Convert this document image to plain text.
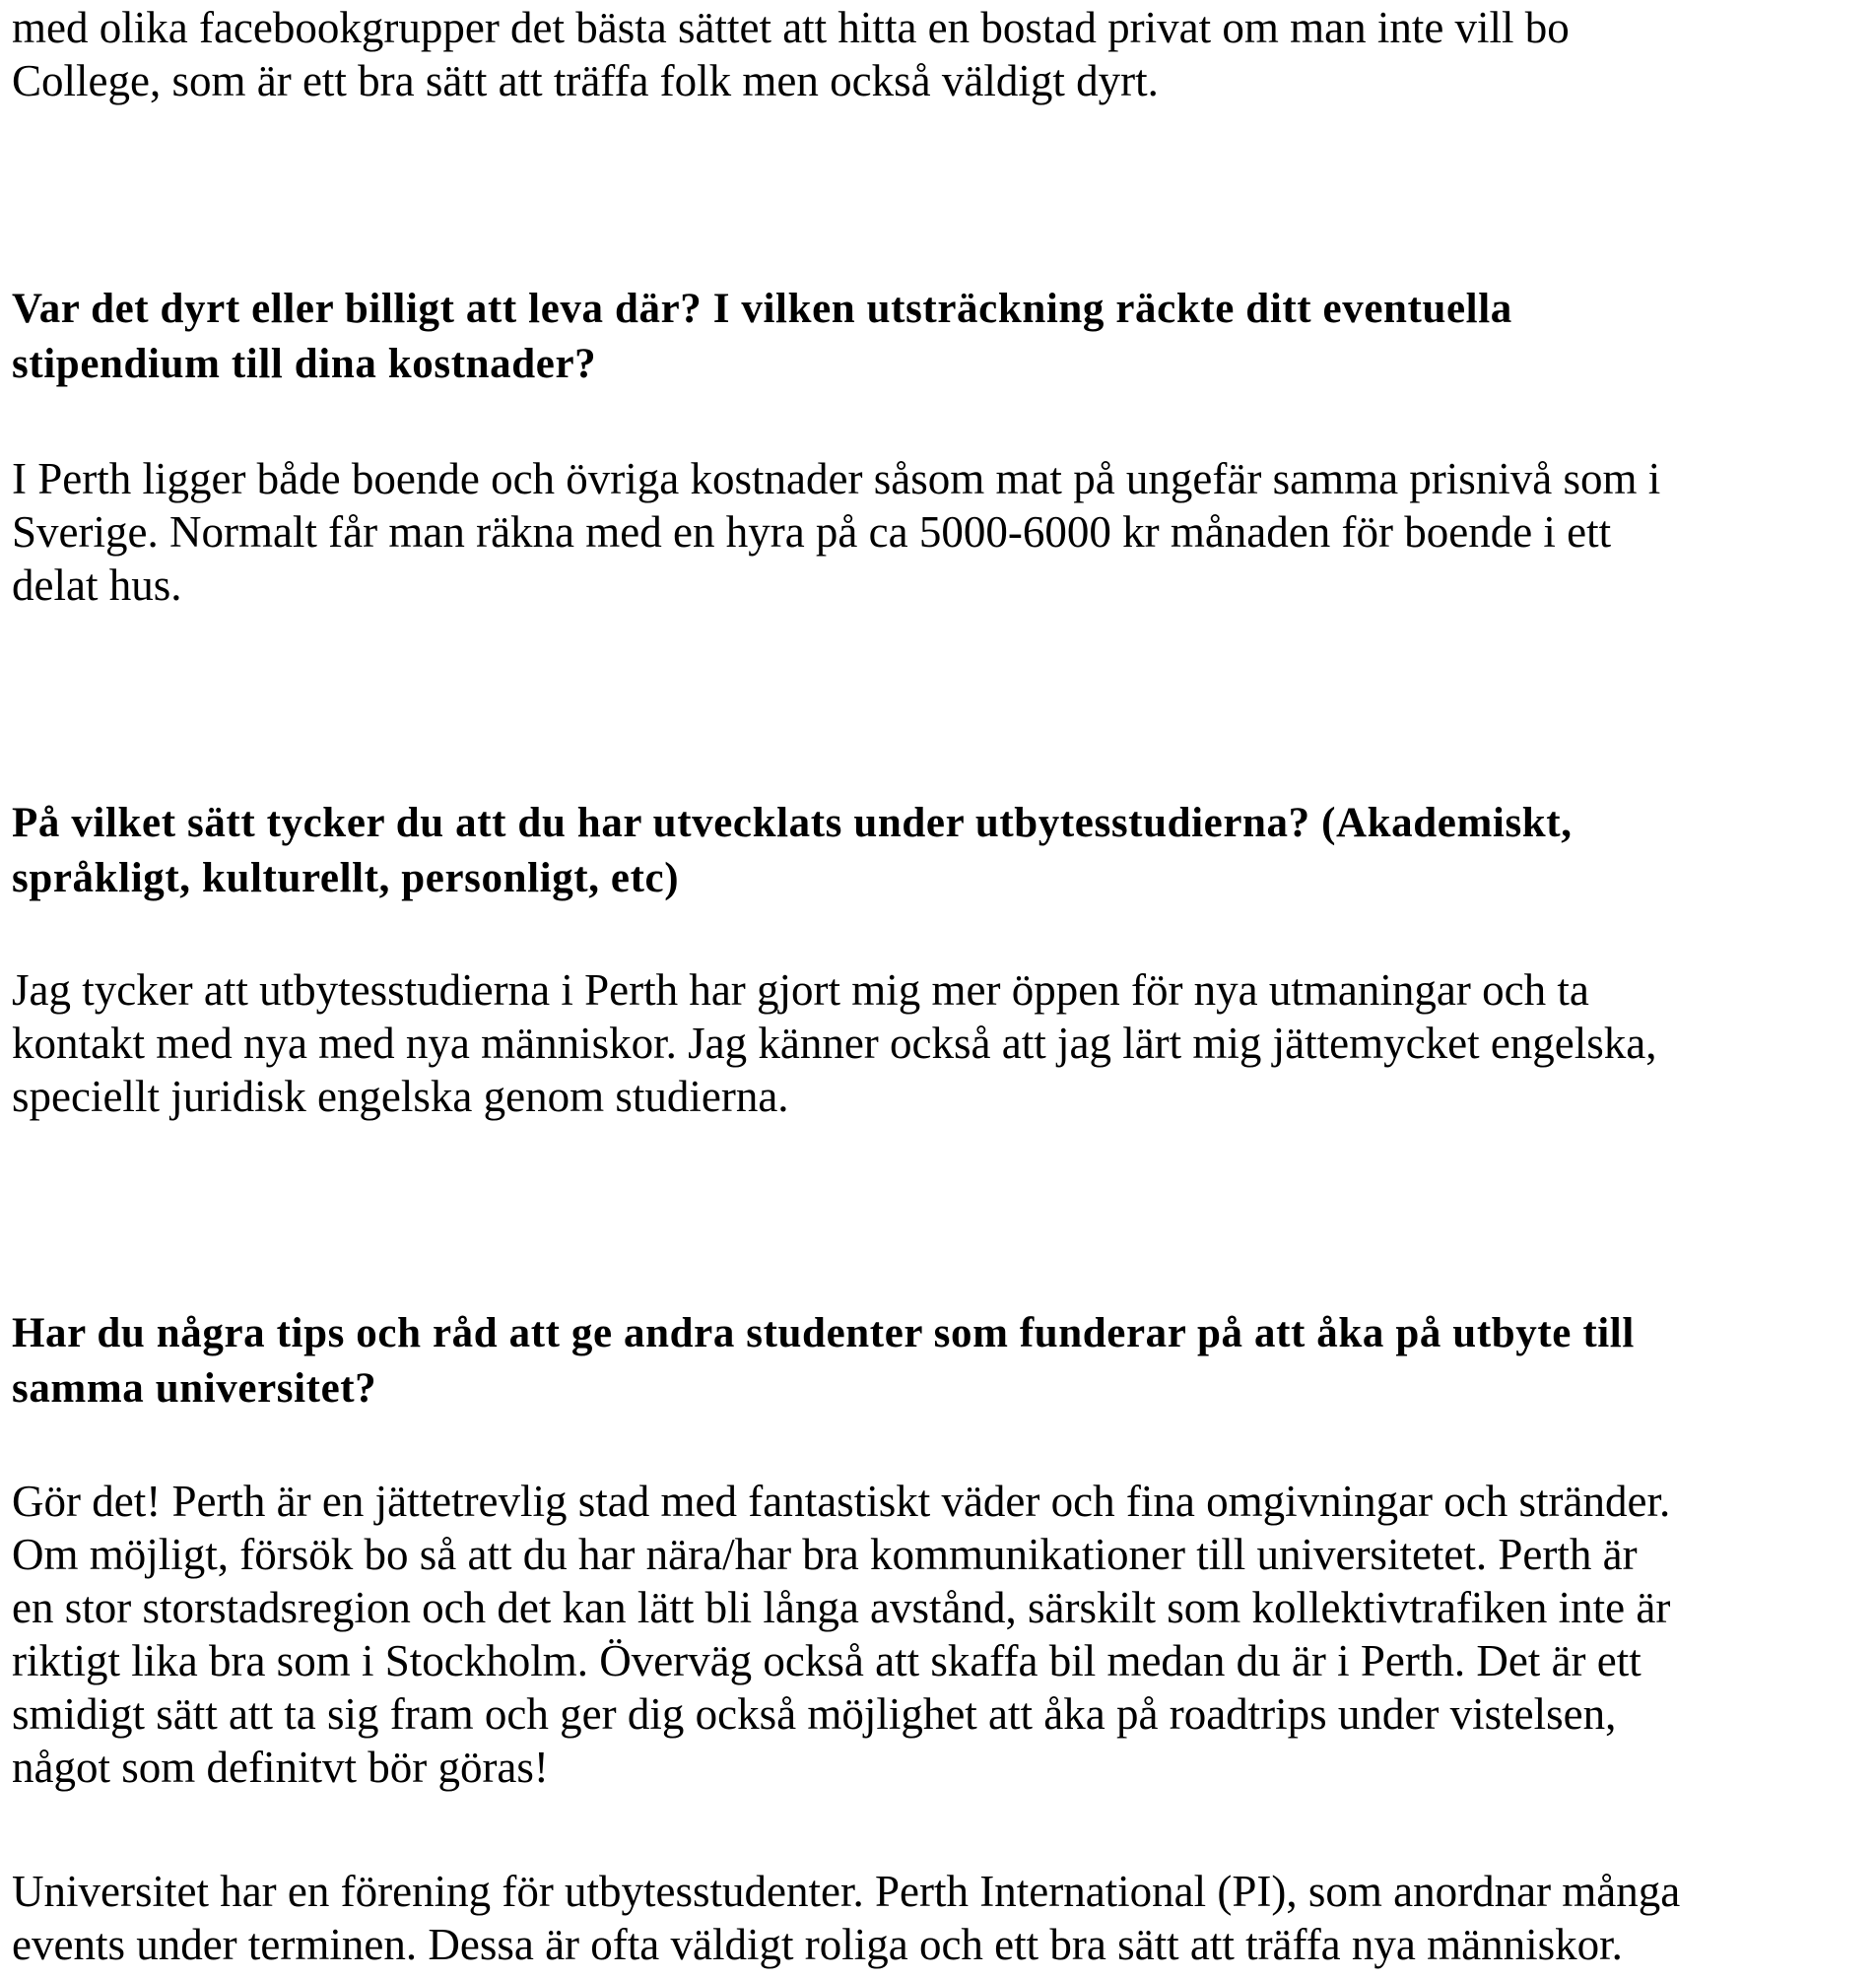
med olika facebookgrupper det bästa sättet att hitta en bostad privat om man inte vill bo
College, som är ett bra sätt att träffa folk men också väldigt dyrt.

Var det dyrt eller billigt att leva där? I vilken utsträckning räckte ditt eventuella
stipendium till dina kostnader?

I Perth ligger både boende och övriga kostnader såsom mat på ungefär samma prisnivå som i
Sverige. Normalt får man räkna med en hyra på ca 5000-6000 kr månaden för boende i ett
delat hus.

På vilket sätt tycker du att du har utvecklats under utbytesstudierna? (Akademiskt,
språkligt, kulturellt, personligt, etc)

Jag tycker att utbytesstudierna i Perth har gjort mig mer öppen för nya utmaningar och ta
kontakt med nya med nya människor. Jag känner också att jag lärt mig jättemycket engelska,
speciellt juridisk engelska genom studierna.

Har du några tips och råd att ge andra studenter som funderar på att åka på utbyte till
samma universitet?

Gör det! Perth är en jättetrevlig stad med fantastiskt väder och fina omgivningar och stränder.
Om möjligt, försök bo så att du har nära/har bra kommunikationer till universitetet. Perth är
en stor storstadsregion och det kan lätt bli långa avstånd, särskilt som kollektivtrafiken inte är
riktigt lika bra som i Stockholm. Överväg också att skaffa bil medan du är i Perth. Det är ett
smidigt sätt att ta sig fram och ger dig också möjlighet att åka på roadtrips under vistelsen,
något som definitvt bör göras!

Universitet har en förening för utbytesstudenter. Perth International (PI), som anordnar många
events under terminen. Dessa är ofta väldigt roliga och ett bra sätt att träffa nya människor.
